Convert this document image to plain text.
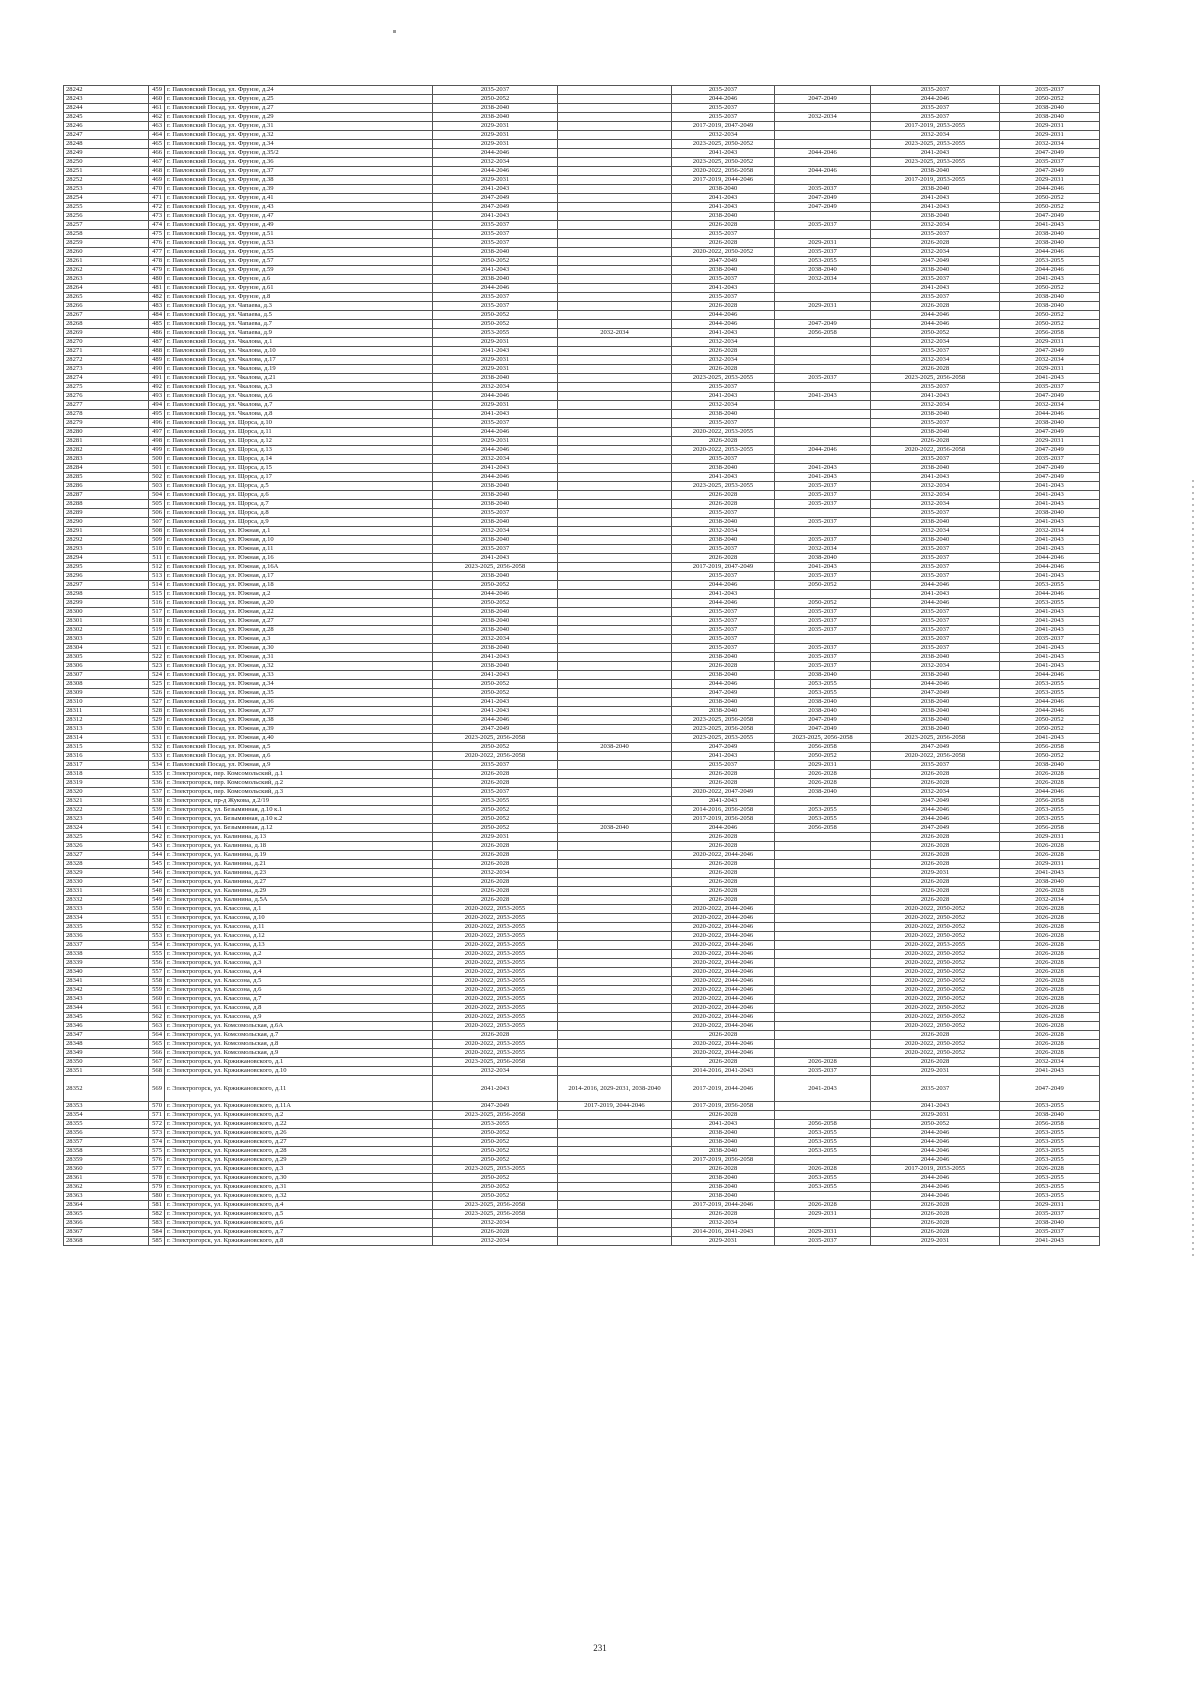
28242	459	г. Павловский Посад, ул. Фрунзе, д.24	2035-2037		2035-2037		2035-2037	2035-2037
28243	460	г. Павловский Посад, ул. Фрунзе, д.25	2050-2052		2044-2046	2047-2049	2044-2046	2050-2052
28244	461	г. Павловский Посад, ул. Фрунзе, д.27	2038-2040		2035-2037		2035-2037	2038-2040
28245	462	г. Павловский Посад, ул. Фрунзе, д.29	2038-2040		2035-2037	2032-2034	2035-2037	2038-2040
28246	463	г. Павловский Посад, ул. Фрунзе, д.31	2029-2031		2017-2019, 2047-2049		2017-2019, 2053-2055	2029-2031
28247	464	г. Павловский Посад, ул. Фрунзе, д.32	2029-2031		2032-2034		2032-2034	2029-2031
28248	465	г. Павловский Посад, ул. Фрунзе, д.34	2029-2031		2023-2025, 2050-2052		2023-2025, 2053-2055	2032-2034
28249	466	г. Павловский Посад, ул. Фрунзе, д.35/2	2044-2046		2041-2043	2044-2046	2041-2043	2047-2049
28250	467	г. Павловский Посад, ул. Фрунзе, д.36	2032-2034		2023-2025, 2050-2052		2023-2025, 2053-2055	2035-2037
28251	468	г. Павловский Посад, ул. Фрунзе, д.37	2044-2046		2020-2022, 2056-2058	2044-2046	2038-2040	2047-2049
28252	469	г. Павловский Посад, ул. Фрунзе, д.38	2029-2031		2017-2019, 2044-2046		2017-2019, 2053-2055	2029-2031
28253	470	г. Павловский Посад, ул. Фрунзе, д.39	2041-2043		2038-2040	2035-2037	2038-2040	2044-2046
28254	471	г. Павловский Посад, ул. Фрунзе, д.41	2047-2049		2041-2043	2047-2049	2041-2043	2050-2052
28255	472	г. Павловский Посад, ул. Фрунзе, д.43	2047-2049		2041-2043	2047-2049	2041-2043	2050-2052
28256	473	г. Павловский Посад, ул. Фрунзе, д.47	2041-2043		2038-2040		2038-2040	2047-2049
28257	474	г. Павловский Посад, ул. Фрунзе, д.49	2035-2037		2026-2028	2035-2037	2032-2034	2041-2043
28258	475	г. Павловский Посад, ул. Фрунзе, д.51	2035-2037		2035-2037		2035-2037	2038-2040
28259	476	г. Павловский Посад, ул. Фрунзе, д.53	2035-2037		2026-2028	2029-2031	2026-2028	2038-2040
28260	477	г. Павловский Посад, ул. Фрунзе, д.55	2038-2040		2020-2022, 2050-2052	2035-2037	2032-2034	2044-2046
28261	478	г. Павловский Посад, ул. Фрунзе, д.57	2050-2052		2047-2049	2053-2055	2047-2049	2053-2055
28262	479	г. Павловский Посад, ул. Фрунзе, д.59	2041-2043		2038-2040	2038-2040	2038-2040	2044-2046
28263	480	г. Павловский Посад, ул. Фрунзе, д.6	2038-2040		2035-2037	2032-2034	2035-2037	2041-2043
28264	481	г. Павловский Посад, ул. Фрунзе, д.61	2044-2046		2041-2043		2041-2043	2050-2052
28265	482	г. Павловский Посад, ул. Фрунзе, д.8	2035-2037		2035-2037		2035-2037	2038-2040
28266	483	г. Павловский Посад, ул. Чапаева, д.3	2035-2037		2026-2028	2029-2031	2026-2028	2038-2040
28267	484	г. Павловский Посад, ул. Чапаева, д.5	2050-2052		2044-2046		2044-2046	2050-2052
28268	485	г. Павловский Посад, ул. Чапаева, д.7	2050-2052		2044-2046	2047-2049	2044-2046	2050-2052
28269	486	г. Павловский Посад, ул. Чапаева, д.9	2053-2055	2032-2034	2041-2043	2056-2058	2050-2052	2056-2058
28270	487	г. Павловский Посад, ул. Чкалова, д.1	2029-2031		2032-2034		2032-2034	2029-2031
28271	488	г. Павловский Посад, ул. Чкалова, д.10	2041-2043		2026-2028		2035-2037	2047-2049
28272	489	г. Павловский Посад, ул. Чкалова, д.17	2029-2031		2032-2034		2032-2034	2032-2034
28273	490	г. Павловский Посад, ул. Чкалова, д.19	2029-2031		2026-2028		2026-2028	2029-2031
28274	491	г. Павловский Посад, ул. Чкалова, д.21	2038-2040		2023-2025, 2053-2055	2035-2037	2023-2025, 2056-2058	2041-2043
28275	492	г. Павловский Посад, ул. Чкалова, д.3	2032-2034		2035-2037		2035-2037	2035-2037
28276	493	г. Павловский Посад, ул. Чкалова, д.6	2044-2046		2041-2043	2041-2043	2041-2043	2047-2049
28277	494	г. Павловский Посад, ул. Чкалова, д.7	2029-2031		2032-2034		2032-2034	2032-2034
28278	495	г. Павловский Посад, ул. Чкалова, д.8	2041-2043		2038-2040		2038-2040	2044-2046
28279	496	г. Павловский Посад, ул. Щорса, д.10	2035-2037		2035-2037		2035-2037	2038-2040
28280	497	г. Павловский Посад, ул. Щорса, д.11	2044-2046		2020-2022, 2053-2055		2038-2040	2047-2049
28281	498	г. Павловский Посад, ул. Щорса, д.12	2029-2031		2026-2028		2026-2028	2029-2031
28282	499	г. Павловский Посад, ул. Щорса, д.13	2044-2046		2020-2022, 2053-2055	2044-2046	2020-2022, 2056-2058	2047-2049
28283	500	г. Павловский Посад, ул. Щорса, д.14	2032-2034		2035-2037		2035-2037	2035-2037
28284	501	г. Павловский Посад, ул. Щорса, д.15	2041-2043		2038-2040	2041-2043	2038-2040	2047-2049
28285	502	г. Павловский Посад, ул. Щорса, д.17	2044-2046		2041-2043	2041-2043	2041-2043	2047-2049
28286	503	г. Павловский Посад, ул. Щорса, д.5	2038-2040		2023-2025, 2053-2055	2035-2037	2032-2034	2041-2043
28287	504	г. Павловский Посад, ул. Щорса, д.6	2038-2040		2026-2028	2035-2037	2032-2034	2041-2043
28288	505	г. Павловский Посад, ул. Щорса, д.7	2038-2040		2026-2028	2035-2037	2032-2034	2041-2043
28289	506	г. Павловский Посад, ул. Щорса, д.8	2035-2037		2035-2037		2035-2037	2038-2040
28290	507	г. Павловский Посад, ул. Щорса, д.9	2038-2040		2038-2040	2035-2037	2038-2040	2041-2043
28291	508	г. Павловский Посад, ул. Южная, д.1	2032-2034		2032-2034		2032-2034	2032-2034
28292	509	г. Павловский Посад, ул. Южная, д.10	2038-2040		2038-2040	2035-2037	2038-2040	2041-2043
28293	510	г. Павловский Посад, ул. Южная, д.11	2035-2037		2035-2037	2032-2034	2035-2037	2041-2043
28294	511	г. Павловский Посад, ул. Южная, д.16	2041-2043		2026-2028	2038-2040	2035-2037	2044-2046
28295	512	г. Павловский Посад, ул. Южная, д.16А	2023-2025, 2056-2058		2017-2019, 2047-2049	2041-2043	2035-2037	2044-2046
28296	513	г. Павловский Посад, ул. Южная, д.17	2038-2040		2035-2037	2035-2037	2035-2037	2041-2043
28297	514	г. Павловский Посад, ул. Южная, д.18	2050-2052		2044-2046	2050-2052	2044-2046	2053-2055
28298	515	г. Павловский Посад, ул. Южная, д.2	2044-2046		2041-2043		2041-2043	2044-2046
28299	516	г. Павловский Посад, ул. Южная, д.20	2050-2052		2044-2046	2050-2052	2044-2046	2053-2055
28300	517	г. Павловский Посад, ул. Южная, д.22	2038-2040		2035-2037	2035-2037	2035-2037	2041-2043
28301	518	г. Павловский Посад, ул. Южная, д.27	2038-2040		2035-2037	2035-2037	2035-2037	2041-2043
28302	519	г. Павловский Посад, ул. Южная, д.28	2038-2040		2035-2037	2035-2037	2035-2037	2041-2043
28303	520	г. Павловский Посад, ул. Южная, д.3	2032-2034		2035-2037		2035-2037	2035-2037
28304	521	г. Павловский Посад, ул. Южная, д.30	2038-2040		2035-2037	2035-2037	2035-2037	2041-2043
28305	522	г. Павловский Посад, ул. Южная, д.31	2041-2043		2038-2040	2035-2037	2038-2040	2041-2043
28306	523	г. Павловский Посад, ул. Южная, д.32	2038-2040		2026-2028	2035-2037	2032-2034	2041-2043
28307	524	г. Павловский Посад, ул. Южная, д.33	2041-2043		2038-2040	2038-2040	2038-2040	2044-2046
28308	525	г. Павловский Посад, ул. Южная, д.34	2050-2052		2044-2046	2053-2055	2044-2046	2053-2055
28309	526	г. Павловский Посад, ул. Южная, д.35	2050-2052		2047-2049	2053-2055	2047-2049	2053-2055
28310	527	г. Павловский Посад, ул. Южная, д.36	2041-2043		2038-2040	2038-2040	2038-2040	2044-2046
28311	528	г. Павловский Посад, ул. Южная, д.37	2041-2043		2038-2040	2038-2040	2038-2040	2044-2046
28312	529	г. Павловский Посад, ул. Южная, д.38	2044-2046		2023-2025, 2056-2058	2047-2049	2038-2040	2050-2052
28313	530	г. Павловский Посад, ул. Южная, д.39	2047-2049		2023-2025, 2056-2058	2047-2049	2038-2040	2050-2052
28314	531	г. Павловский Посад, ул. Южная, д.40	2023-2025, 2056-2058		2023-2025, 2053-2055	2023-2025, 2056-2058	2023-2025, 2056-2058	2041-2043
28315	532	г. Павловский Посад, ул. Южная, д.5	2050-2052	2038-2040	2047-2049	2056-2058	2047-2049	2056-2058
28316	533	г. Павловский Посад, ул. Южная, д.6	2020-2022, 2056-2058		2041-2043	2050-2052	2020-2022, 2056-2058	2050-2052
28317	534	г. Павловский Посад, ул. Южная, д.9	2035-2037		2035-2037	2029-2031	2035-2037	2038-2040
28318	535	г. Электрогорск, пер. Комсомольский, д.1	2026-2028		2026-2028	2026-2028	2026-2028	2026-2028
28319	536	г. Электрогорск, пер. Комсомольский, д.2	2026-2028		2026-2028	2026-2028	2026-2028	2026-2028
28320	537	г. Электрогорск, пер. Комсомольский, д.3	2035-2037		2020-2022, 2047-2049	2038-2040	2032-2034	2044-2046
28321	538	г. Электрогорск, пр-д Жукова, д.2/19	2053-2055		2041-2043		2047-2049	2056-2058
28322	539	г. Электрогорск, ул. Безымянная, д.10 к.1	2050-2052		2014-2016, 2056-2058	2053-2055	2044-2046	2053-2055
28323	540	г. Электрогорск, ул. Безымянная, д.10 к.2	2050-2052		2017-2019, 2056-2058	2053-2055	2044-2046	2053-2055
28324	541	г. Электрогорск, ул. Безымянная, д.12	2050-2052	2038-2040	2044-2046	2056-2058	2047-2049	2056-2058
28325	542	г. Электрогорск, ул. Калинина, д.13	2029-2031		2026-2028		2026-2028	2029-2031
28326	543	г. Электрогорск, ул. Калинина, д.18	2026-2028		2026-2028		2026-2028	2026-2028
28327	544	г. Электрогорск, ул. Калинина, д.19	2026-2028		2020-2022, 2044-2046		2026-2028	2026-2028
28328	545	г. Электрогорск, ул. Калинина, д.21	2026-2028		2026-2028		2026-2028	2029-2031
28329	546	г. Электрогорск, ул. Калинина, д.23	2032-2034		2026-2028		2029-2031	2041-2043
28330	547	г. Электрогорск, ул. Калинина, д.27	2026-2028		2026-2028		2026-2028	2038-2040
28331	548	г. Электрогорск, ул. Калинина, д.29	2026-2028		2026-2028		2026-2028	2026-2028
28332	549	г. Электрогорск, ул. Калинина, д.5А	2026-2028		2026-2028		2026-2028	2032-2034
28333	550	г. Электрогорск, ул. Классона, д.1	2020-2022, 2053-2055		2020-2022, 2044-2046		2020-2022, 2050-2052	2026-2028
28334	551	г. Электрогорск, ул. Классона, д.10	2020-2022, 2053-2055		2020-2022, 2044-2046		2020-2022, 2050-2052	2026-2028
28335	552	г. Электрогорск, ул. Классона, д.11	2020-2022, 2053-2055		2020-2022, 2044-2046		2020-2022, 2050-2052	2026-2028
28336	553	г. Электрогорск, ул. Классона, д.12	2020-2022, 2053-2055		2020-2022, 2044-2046		2020-2022, 2050-2052	2026-2028
28337	554	г. Электрогорск, ул. Классона, д.13	2020-2022, 2053-2055		2020-2022, 2044-2046		2020-2022, 2053-2055	2026-2028
28338	555	г. Электрогорск, ул. Классона, д.2	2020-2022, 2053-2055		2020-2022, 2044-2046		2020-2022, 2050-2052	2026-2028
28339	556	г. Электрогорск, ул. Классона, д.3	2020-2022, 2053-2055		2020-2022, 2044-2046		2020-2022, 2050-2052	2026-2028
28340	557	г. Электрогорск, ул. Классона, д.4	2020-2022, 2053-2055		2020-2022, 2044-2046		2020-2022, 2050-2052	2026-2028
28341	558	г. Электрогорск, ул. Классона, д.5	2020-2022, 2053-2055		2020-2022, 2044-2046		2020-2022, 2050-2052	2026-2028
28342	559	г. Электрогорск, ул. Классона, д.6	2020-2022, 2053-2055		2020-2022, 2044-2046		2020-2022, 2050-2052	2026-2028
28343	560	г. Электрогорск, ул. Классона, д.7	2020-2022, 2053-2055		2020-2022, 2044-2046		2020-2022, 2050-2052	2026-2028
28344	561	г. Электрогорск, ул. Классона, д.8	2020-2022, 2053-2055		2020-2022, 2044-2046		2020-2022, 2050-2052	2026-2028
28345	562	г. Электрогорск, ул. Классона, д.9	2020-2022, 2053-2055		2020-2022, 2044-2046		2020-2022, 2050-2052	2026-2028
28346	563	г. Электрогорск, ул. Комсомольская, д.6А	2020-2022, 2053-2055		2020-2022, 2044-2046		2020-2022, 2050-2052	2026-2028
28347	564	г. Электрогорск, ул. Комсомольская, д.7	2026-2028		2026-2028		2026-2028	2026-2028
28348	565	г. Электрогорск, ул. Комсомольская, д.8	2020-2022, 2053-2055		2020-2022, 2044-2046		2020-2022, 2050-2052	2026-2028
28349	566	г. Электрогорск, ул. Комсомольская, д.9	2020-2022, 2053-2055		2020-2022, 2044-2046		2020-2022, 2050-2052	2026-2028
28350	567	г. Электрогорск, ул. Кржижановского, д.1	2023-2025, 2056-2058		2026-2028	2026-2028	2026-2028	2032-2034
28351	568	г. Электрогорск, ул. Кржижановского, д.10	2032-2034		2014-2016, 2041-2043	2035-2037	2029-2031	2041-2043
28352	569	г. Электрогорск, ул. Кржижановского, д.11	2041-2043	2014-2016, 2029-2031, 2038-2040	2017-2019, 2044-2046	2041-2043	2035-2037	2047-2049
28353	570	г. Электрогорск, ул. Кржижановского, д.11А	2047-2049	2017-2019, 2044-2046	2017-2019, 2056-2058		2041-2043	2053-2055
28354	571	г. Электрогорск, ул. Кржижановского, д.2	2023-2025, 2056-2058		2026-2028		2029-2031	2038-2040
28355	572	г. Электрогорск, ул. Кржижановского, д.22	2053-2055		2041-2043	2056-2058	2050-2052	2056-2058
28356	573	г. Электрогорск, ул. Кржижановского, д.26	2050-2052		2038-2040	2053-2055	2044-2046	2053-2055
28357	574	г. Электрогорск, ул. Кржижановского, д.27	2050-2052		2038-2040	2053-2055	2044-2046	2053-2055
28358	575	г. Электрогорск, ул. Кржижановского, д.28	2050-2052		2038-2040	2053-2055	2044-2046	2053-2055
28359	576	г. Электрогорск, ул. Кржижановского, д.29	2050-2052		2017-2019, 2056-2058		2044-2046	2053-2055
28360	577	г. Электрогорск, ул. Кржижановского, д.3	2023-2025, 2053-2055		2026-2028	2026-2028	2017-2019, 2053-2055	2026-2028
28361	578	г. Электрогорск, ул. Кржижановского, д.30	2050-2052		2038-2040	2053-2055	2044-2046	2053-2055
28362	579	г. Электрогорск, ул. Кржижановского, д.31	2050-2052		2038-2040	2053-2055	2044-2046	2053-2055
28363	580	г. Электрогорск, ул. Кржижановского, д.32	2050-2052		2038-2040		2044-2046	2053-2055
28364	581	г. Электрогорск, ул. Кржижановского, д.4	2023-2025, 2056-2058		2017-2019, 2044-2046	2026-2028	2026-2028	2029-2031
28365	582	г. Электрогорск, ул. Кржижановского, д.5	2023-2025, 2056-2058		2026-2028	2029-2031	2026-2028	2035-2037
28366	583	г. Электрогорск, ул. Кржижановского, д.6	2032-2034		2032-2034		2026-2028	2038-2040
28367	584	г. Электрогорск, ул. Кржижановского, д.7	2026-2028		2014-2016, 2041-2043	2029-2031	2026-2028	2035-2037
28368	585	г. Электрогорск, ул. Кржижановского, д.8	2032-2034		2029-2031	2035-2037	2029-2031	2041-2043
231
